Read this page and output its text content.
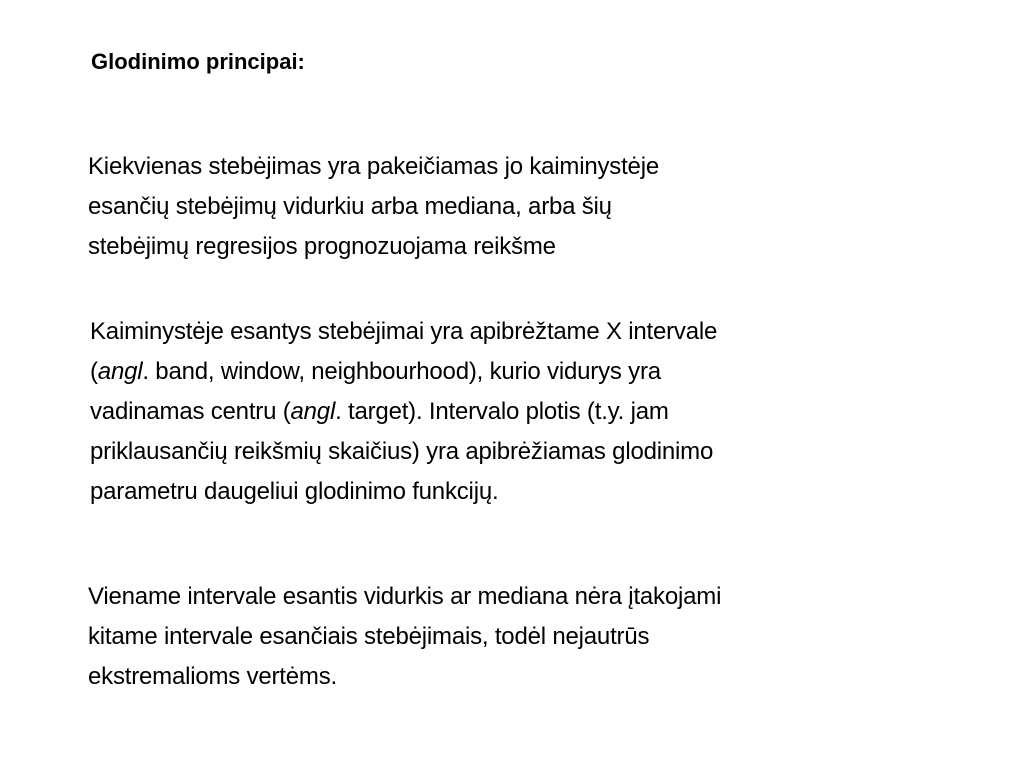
Glodinimo principai:

Kiekvienas stebėjimas yra pakeičiamas jo kaiminystėje
esančių stebėjimų vidurkiu arba mediana, arba šių
stebėjimų regresijos prognozuojama reikšme

Kaiminystėje esantys stebėjimai yra apibrėžtame X intervale
(angl. band, window, neighbourhood), kurio vidurys yra
vadinamas centru (angl. target). Intervalo plotis (t.y. jam
priklausančių reikšmių skaičius) yra apibrėžiamas glodinimo
parametru daugeliui glodinimo funkcijų.

Viename intervale esantis vidurkis ar mediana nėra įtakojami
kitame intervale esančiais stebėjimais, todėl nejautrūs
ekstremalioms vertėms.
